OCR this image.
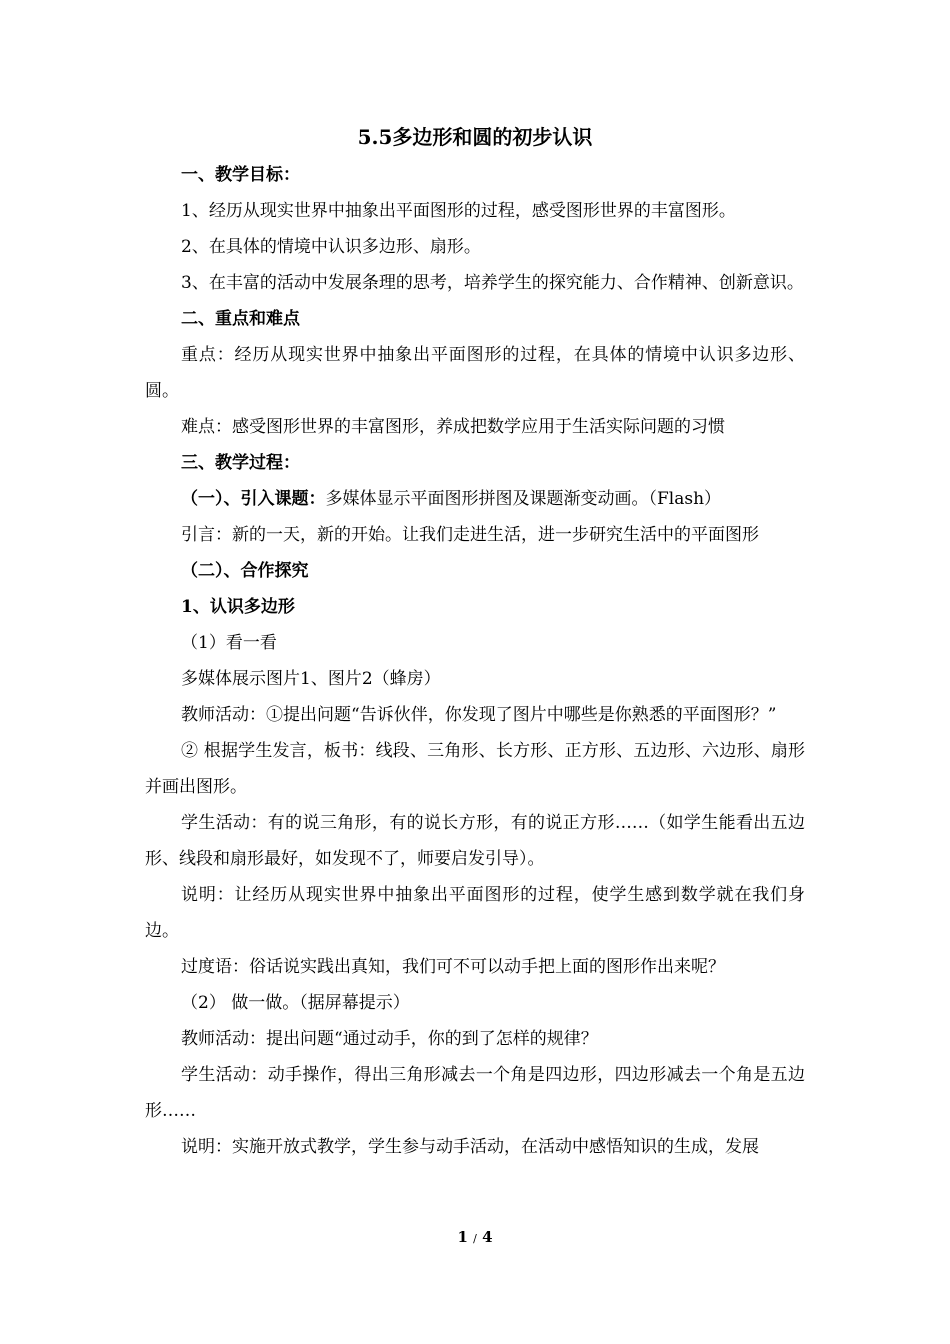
5.5多边形和圆的初步认识

一、教学目标：

1、经历从现实世界中抽象出平面图形的过程，感受图形世界的丰富图形。

2、在具体的情境中认识多边形、扇形。

3、在丰富的活动中发展条理的思考，培养学生的探究能力、合作精神、创新意识。

二、重点和难点

重点：经历从现实世界中抽象出平面图形的过程，在具体的情境中认识多边形、圆。

难点：感受图形世界的丰富图形，养成把数学应用于生活实际问题的习惯

三、教学过程：

（一）、引入课题：多媒体显示平面图形拼图及课题渐变动画。（Flash）

引言：新的一天，新的开始。让我们走进生活，进一步研究生活中的平面图形

（二）、合作探究

1、认识多边形

（1）看一看

多媒体展示图片1、图片2（蜂房）

教师活动：①提出问题“告诉伙伴，你发现了图片中哪些是你熟悉的平面图形？”

② 根据学生发言，板书：线段、三角形、长方形、正方形、五边形、六边形、扇形并画出图形。

学生活动：有的说三角形，有的说长方形，有的说正方形……（如学生能看出五边形、线段和扇形最好，如发现不了，师要启发引导）。

说明：让经历从现实世界中抽象出平面图形的过程，使学生感到数学就在我们身边。

过度语：俗话说实践出真知，我们可不可以动手把上面的图形作出来呢？

（2） 做一做。（据屏幕提示）

教师活动：提出问题“通过动手，你的到了怎样的规律？

学生活动：动手操作，得出三角形减去一个角是四边形，四边形减去一个角是五边形……

说明：实施开放式教学，学生参与动手活动，在活动中感悟知识的生成，发展

1 / 4
